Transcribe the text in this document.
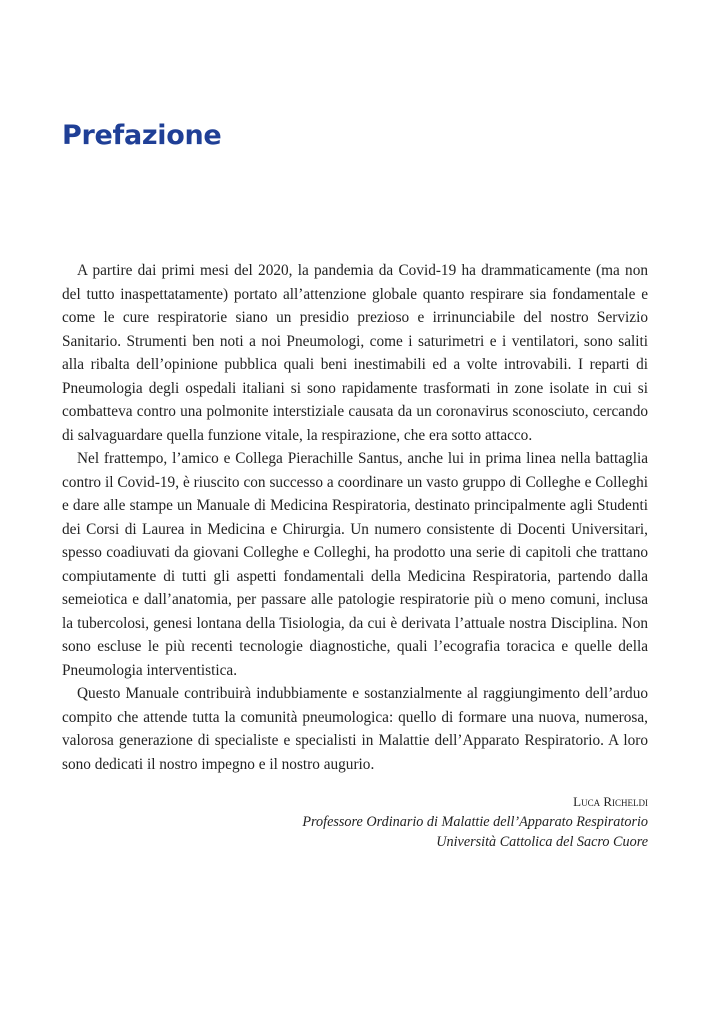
Prefazione

A partire dai primi mesi del 2020, la pandemia da Covid-19 ha drammaticamente (ma non del tutto inaspettatamente) portato all’attenzione globale quanto respirare sia fondamentale e come le cure respiratorie siano un presidio prezioso e irrinunciabile del nostro Servizio Sanitario. Strumenti ben noti a noi Pneumologi, come i saturimetri e i ventilatori, sono saliti alla ribalta dell’opinione pubblica quali beni inestimabili ed a volte introvabili. I reparti di Pneumologia degli ospedali italiani si sono rapidamente trasformati in zone isolate in cui si combatteva contro una polmonite interstiziale causata da un coronavirus sconosciuto, cercando di salvaguardare quella funzione vitale, la respirazione, che era sotto attacco.

Nel frattempo, l’amico e Collega Pierachille Santus, anche lui in prima linea nella battaglia contro il Covid-19, è riuscito con successo a coordinare un vasto gruppo di Colleghe e Colleghi e dare alle stampe un Manuale di Medicina Respiratoria, destinato principalmente agli Studenti dei Corsi di Laurea in Medicina e Chirurgia. Un numero consistente di Docenti Universitari, spesso coadiuvati da giovani Colleghe e Colleghi, ha prodotto una serie di capitoli che trattano compiutamente di tutti gli aspetti fondamentali della Medicina Respiratoria, partendo dalla semeiotica e dall’anatomia, per passare alle patologie respiratorie più o meno comuni, inclusa la tubercolosi, genesi lontana della Tisiologia, da cui è derivata l’attuale nostra Disciplina. Non sono escluse le più recenti tecnologie diagnostiche, quali l’ecografia toracica e quelle della Pneumologia interventistica.

Questo Manuale contribuirà indubbiamente e sostanzialmente al raggiungimento dell’arduo compito che attende tutta la comunità pneumologica: quello di formare una nuova, numerosa, valorosa generazione di specialiste e specialisti in Malattie dell’Apparato Respiratorio. A loro sono dedicati il nostro impegno e il nostro augurio.

Luca Richeldi
Professore Ordinario di Malattie dell’Apparato Respiratorio
Università Cattolica del Sacro Cuore
